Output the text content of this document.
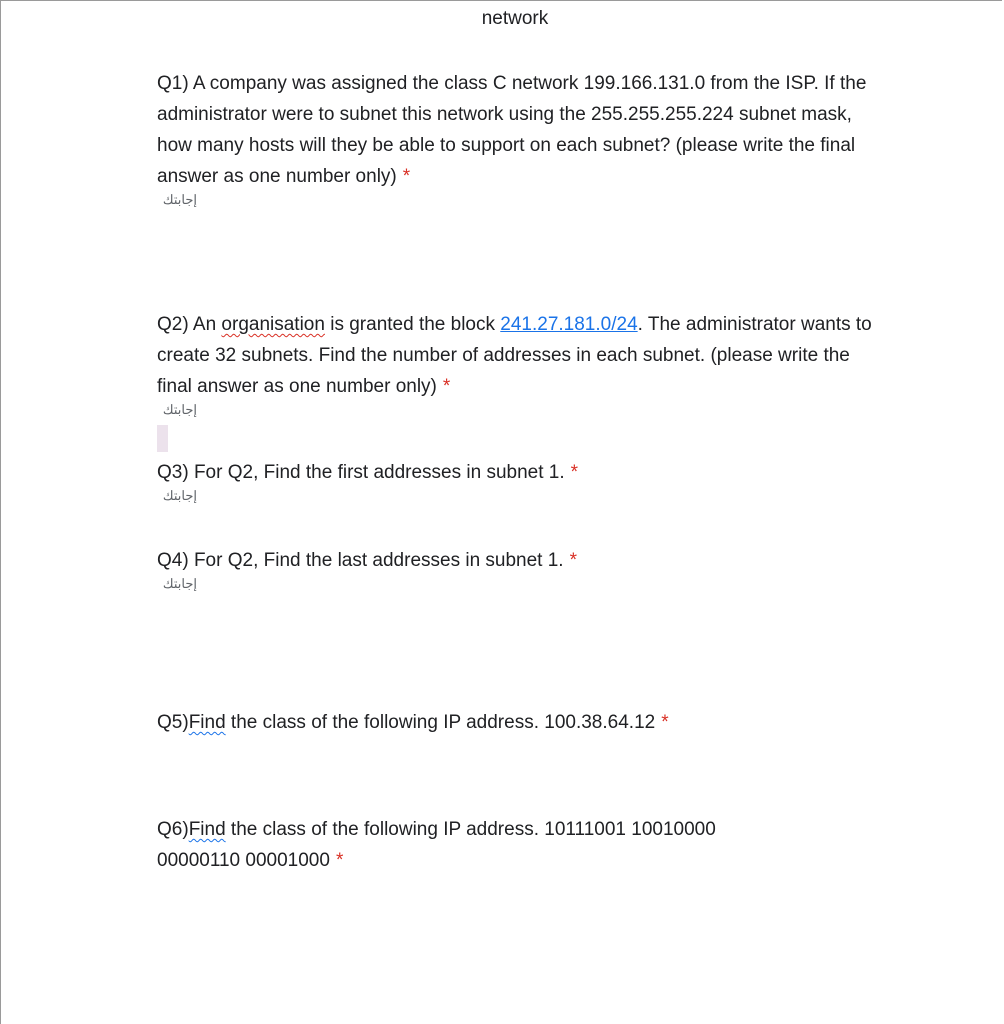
network
Q1) A company was assigned the class C network 199.166.131.0 from the ISP. If the administrator were to subnet this network using the 255.255.255.224 subnet mask, how many hosts will they be able to support on each subnet? (please write the final answer as one number only) *
إجابتك
Q2) An organisation is granted the block 241.27.181.0/24. The administrator wants to create 32 subnets. Find the number of addresses in each subnet. (please write the final answer as one number only) *
إجابتك
Q3) For Q2, Find the first addresses in subnet 1. *
إجابتك
Q4) For Q2, Find the last addresses in subnet 1. *
إجابتك
Q5)Find the class of the following IP address. 100.38.64.12 *
Q6)Find the class of the following IP address. 10111001 10010000 00000110 00001000 *
